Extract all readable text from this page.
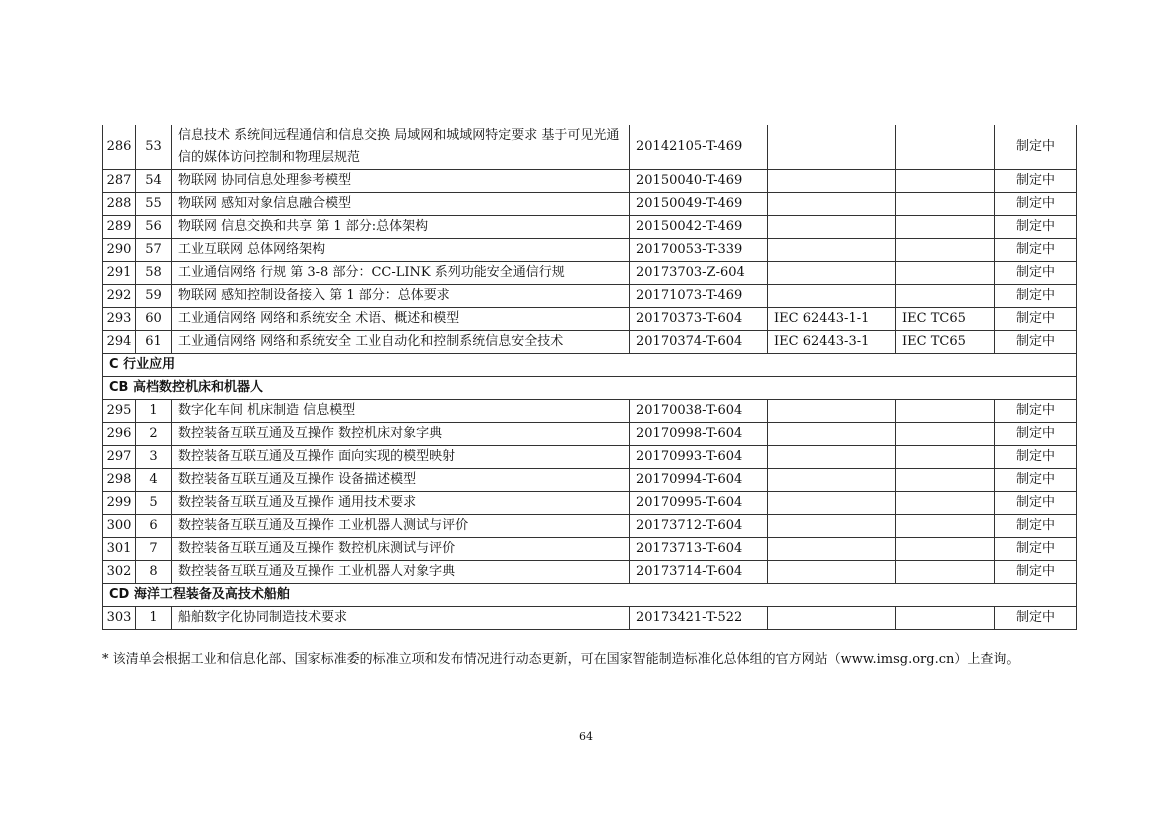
286	53	信息技术 系统间远程通信和信息交换 局域网和城域网特定要求 基于可见光通信的媒体访问控制和物理层规范	20142105-T-469			制定中
287	54	物联网 协同信息处理参考模型	20150040-T-469			制定中
288	55	物联网 感知对象信息融合模型	20150049-T-469			制定中
289	56	物联网 信息交换和共享 第 1 部分:总体架构	20150042-T-469			制定中
290	57	工业互联网 总体网络架构	20170053-T-339			制定中
291	58	工业通信网络 行规 第 3-8 部分：CC-LINK 系列功能安全通信行规	20173703-Z-604			制定中
292	59	物联网 感知控制设备接入 第 1 部分：总体要求	20171073-T-469			制定中
293	60	工业通信网络 网络和系统安全 术语、概述和模型	20170373-T-604	IEC 62443-1-1	IEC TC65	制定中
294	61	工业通信网络 网络和系统安全 工业自动化和控制系统信息安全技术	20170374-T-604	IEC 62443-3-1	IEC TC65	制定中
C 行业应用						
CB 高档数控机床和机器人						
295	1	数字化车间 机床制造 信息模型	20170038-T-604			制定中
296	2	数控装备互联互通及互操作 数控机床对象字典	20170998-T-604			制定中
297	3	数控装备互联互通及互操作 面向实现的模型映射	20170993-T-604			制定中
298	4	数控装备互联互通及互操作 设备描述模型	20170994-T-604			制定中
299	5	数控装备互联互通及互操作 通用技术要求	20170995-T-604			制定中
300	6	数控装备互联互通及互操作 工业机器人测试与评价	20173712-T-604			制定中
301	7	数控装备互联互通及互操作 数控机床测试与评价	20173713-T-604			制定中
302	8	数控装备互联互通及互操作 工业机器人对象字典	20173714-T-604			制定中
CD 海洋工程装备及高技术船舶						
303	1	船舶数字化协同制造技术要求	20173421-T-522			制定中
* 该清单会根据工业和信息化部、国家标准委的标准立项和发布情况进行动态更新，可在国家智能制造标准化总体组的官方网站（www.imsg.org.cn）上查询。
64
